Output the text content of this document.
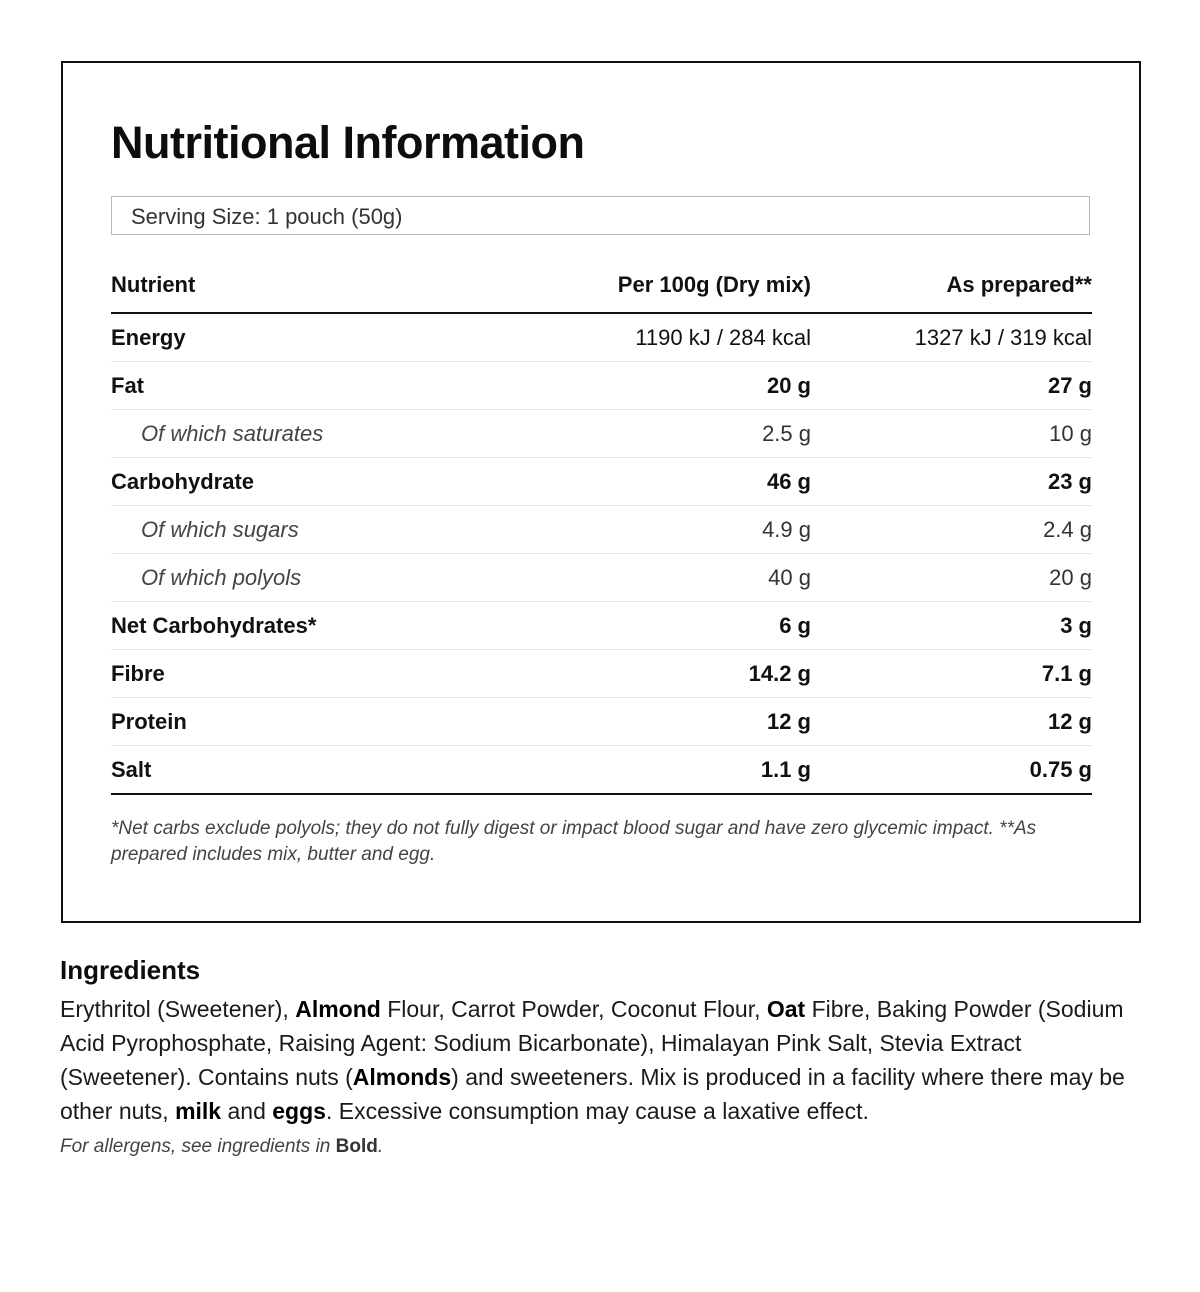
Nutritional Information
Serving Size: 1 pouch (50g)
Nutrient	Per 100g (Dry mix)	As prepared**
Energy	1190 kJ / 284 kcal	1327 kJ / 319 kcal
Fat	20 g	27 g
Of which saturates	2.5 g	10 g
Carbohydrate	46 g	23 g
Of which sugars	4.9 g	2.4 g
Of which polyols	40 g	20 g
Net Carbohydrates*	6 g	3 g
Fibre	14.2 g	7.1 g
Protein	12 g	12 g
Salt	1.1 g	0.75 g

*Net carbs exclude polyols; they do not fully digest or impact blood sugar and have zero glycemic impact. **As prepared includes mix, butter and egg.

Ingredients

Erythritol (Sweetener), Almond Flour, Carrot Powder, Coconut Flour, Oat Fibre, Baking Powder (Sodium Acid Pyrophosphate, Raising Agent: Sodium Bicarbonate), Himalayan Pink Salt, Stevia Extract (Sweetener). Contains nuts (Almonds) and sweeteners. Mix is produced in a facility where there may be other nuts, milk and eggs. Excessive consumption may cause a laxative effect.

For allergens, see ingredients in Bold.
